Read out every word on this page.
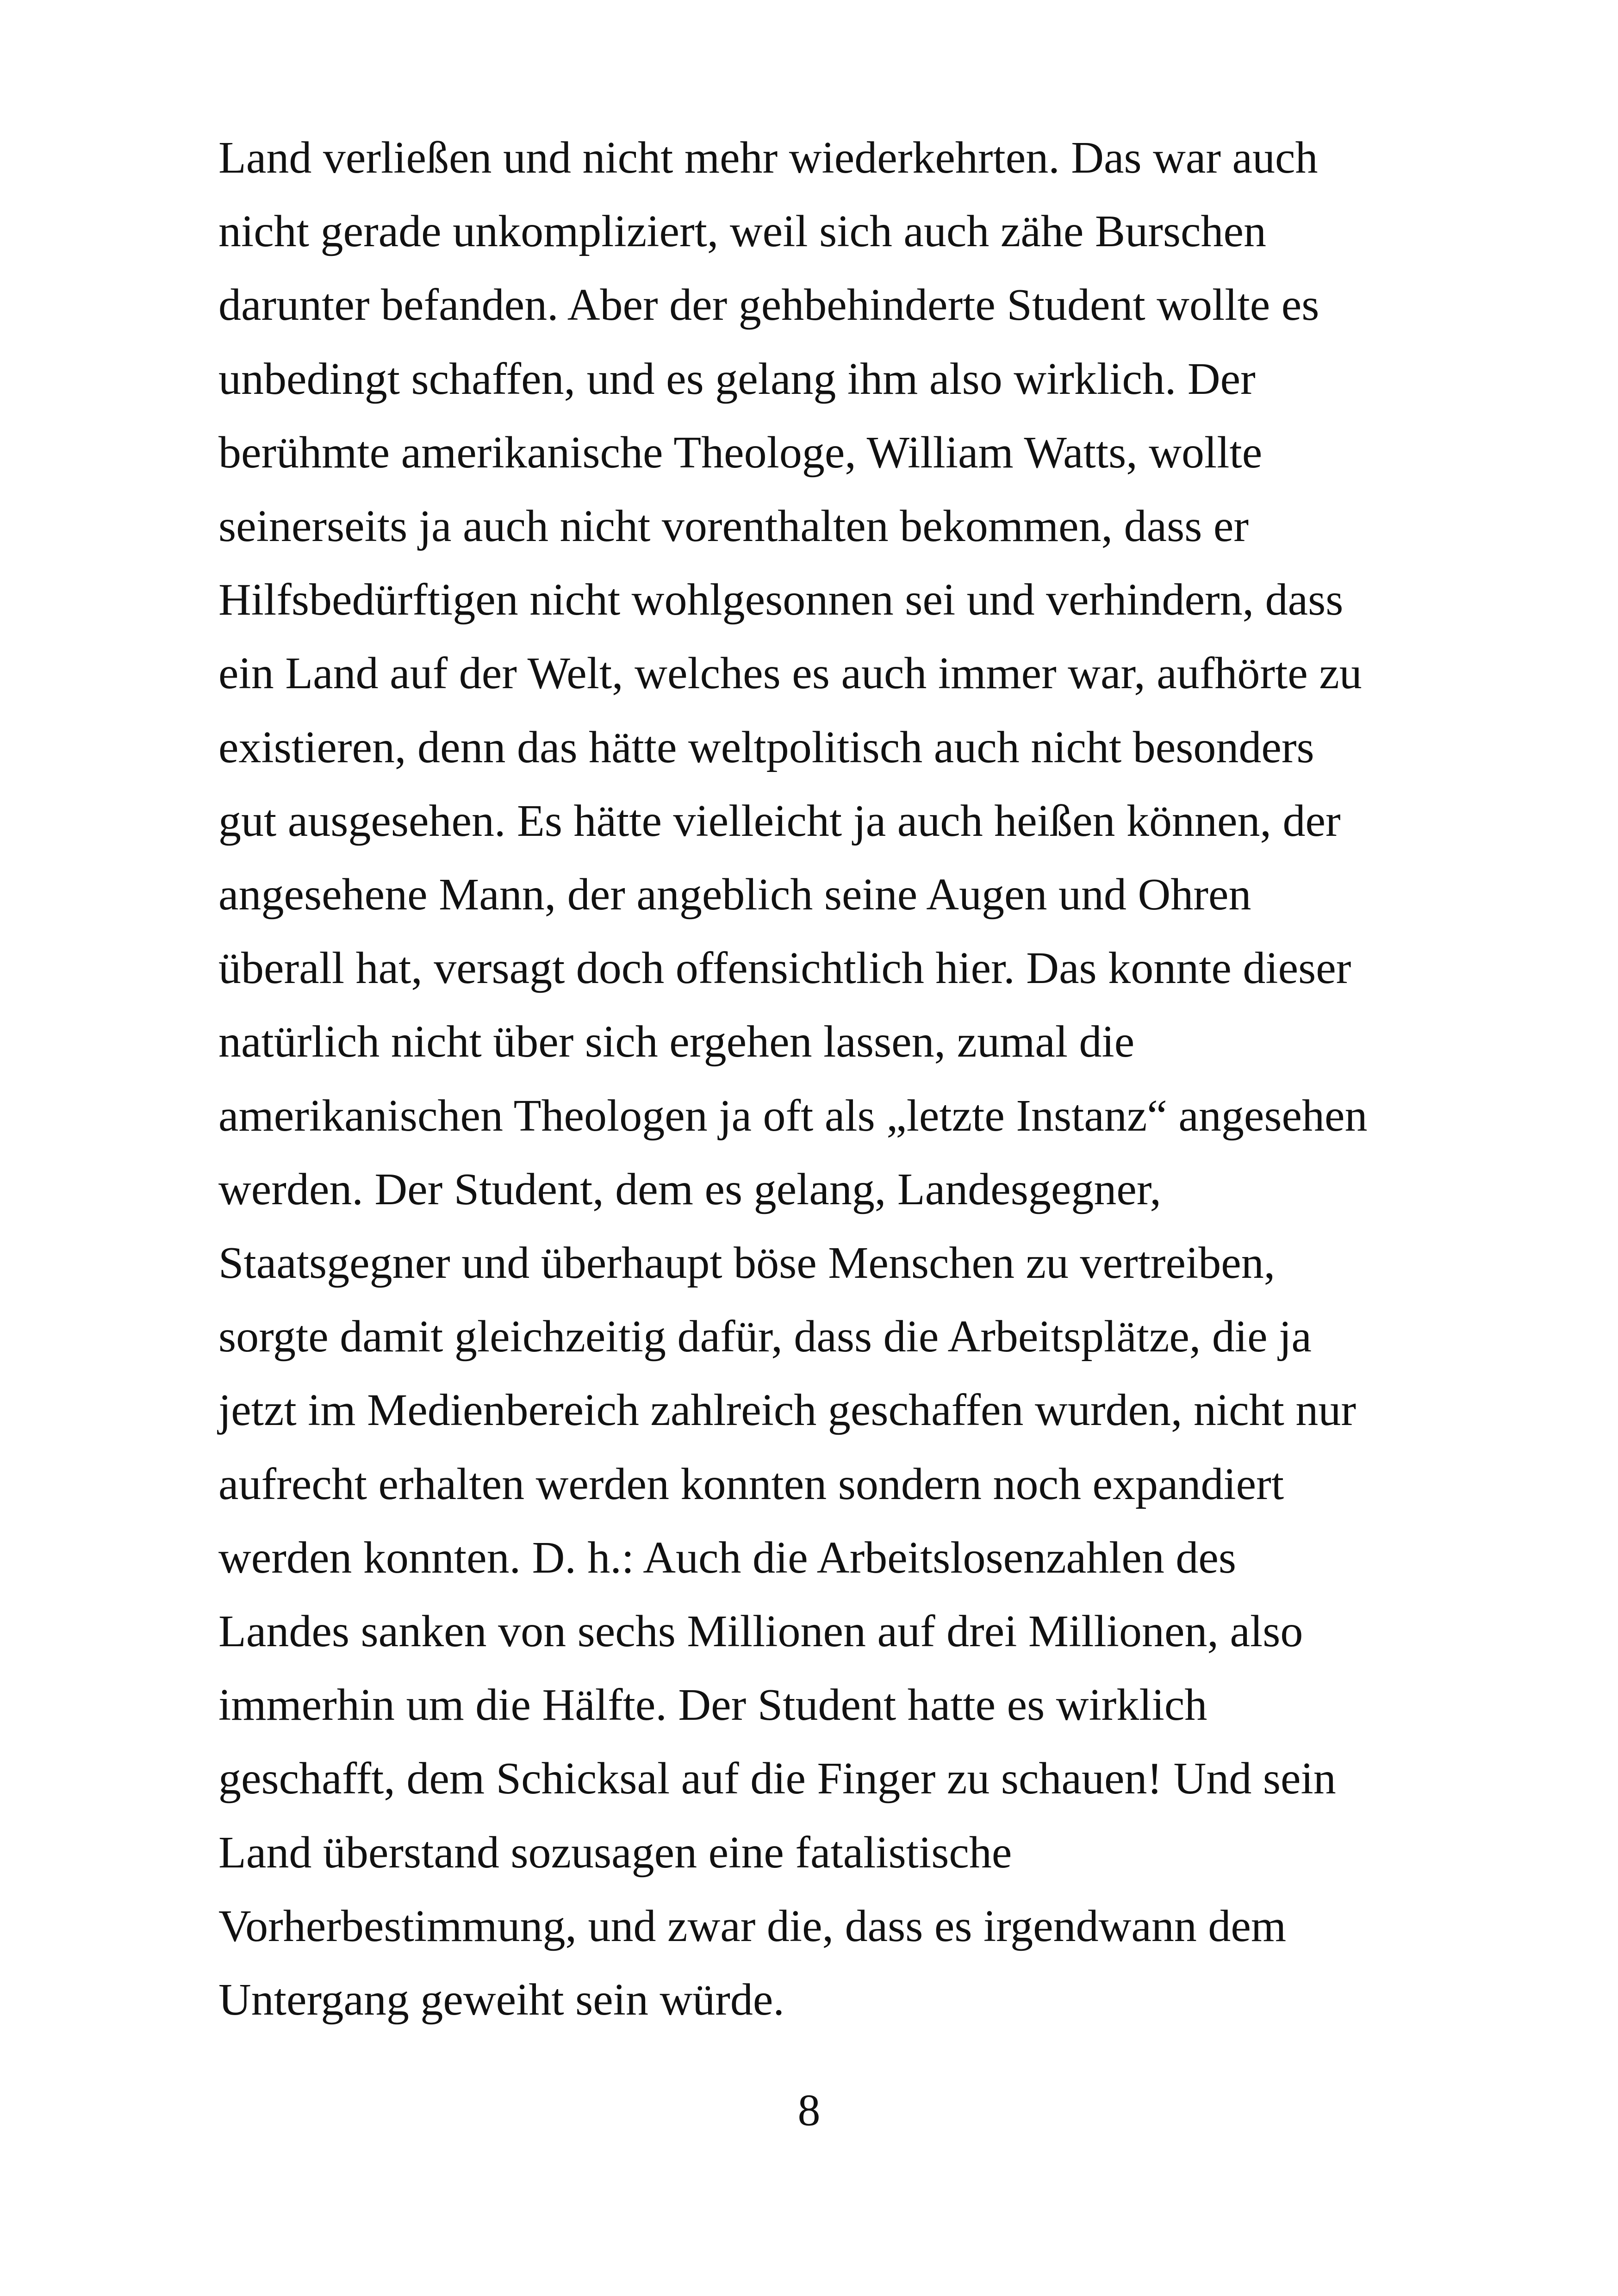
Land verließen und nicht mehr wiederkehrten. Das war auch
nicht gerade unkompliziert, weil sich auch zähe Burschen
darunter befanden. Aber der gehbehinderte Student wollte es
unbedingt schaffen, und es gelang ihm also wirklich. Der
berühmte amerikanische Theologe, William Watts, wollte
seinerseits ja auch nicht vorenthalten bekommen, dass er
Hilfsbedürftigen nicht wohlgesonnen sei und verhindern, dass
ein Land auf der Welt, welches es auch immer war, aufhörte zu
existieren, denn das hätte weltpolitisch auch nicht besonders
gut ausgesehen. Es hätte vielleicht ja auch heißen können, der
angesehene Mann, der angeblich seine Augen und Ohren
überall hat, versagt doch offensichtlich hier. Das konnte dieser
natürlich nicht über sich ergehen lassen, zumal die
amerikanischen Theologen ja oft als „letzte Instanz“ angesehen
werden. Der Student, dem es gelang, Landesgegner,
Staatsgegner und überhaupt böse Menschen zu vertreiben,
sorgte damit gleichzeitig dafür, dass die Arbeitsplätze, die ja
jetzt im Medienbereich zahlreich geschaffen wurden, nicht nur
aufrecht erhalten werden konnten sondern noch expandiert
werden konnten. D. h.: Auch die Arbeitslosenzahlen des
Landes sanken von sechs Millionen auf drei Millionen, also
immerhin um die Hälfte. Der Student hatte es wirklich
geschafft, dem Schicksal auf die Finger zu schauen! Und sein
Land überstand sozusagen eine fatalistische
Vorherbestimmung, und zwar die, dass es irgendwann dem
Untergang geweiht sein würde.
8
